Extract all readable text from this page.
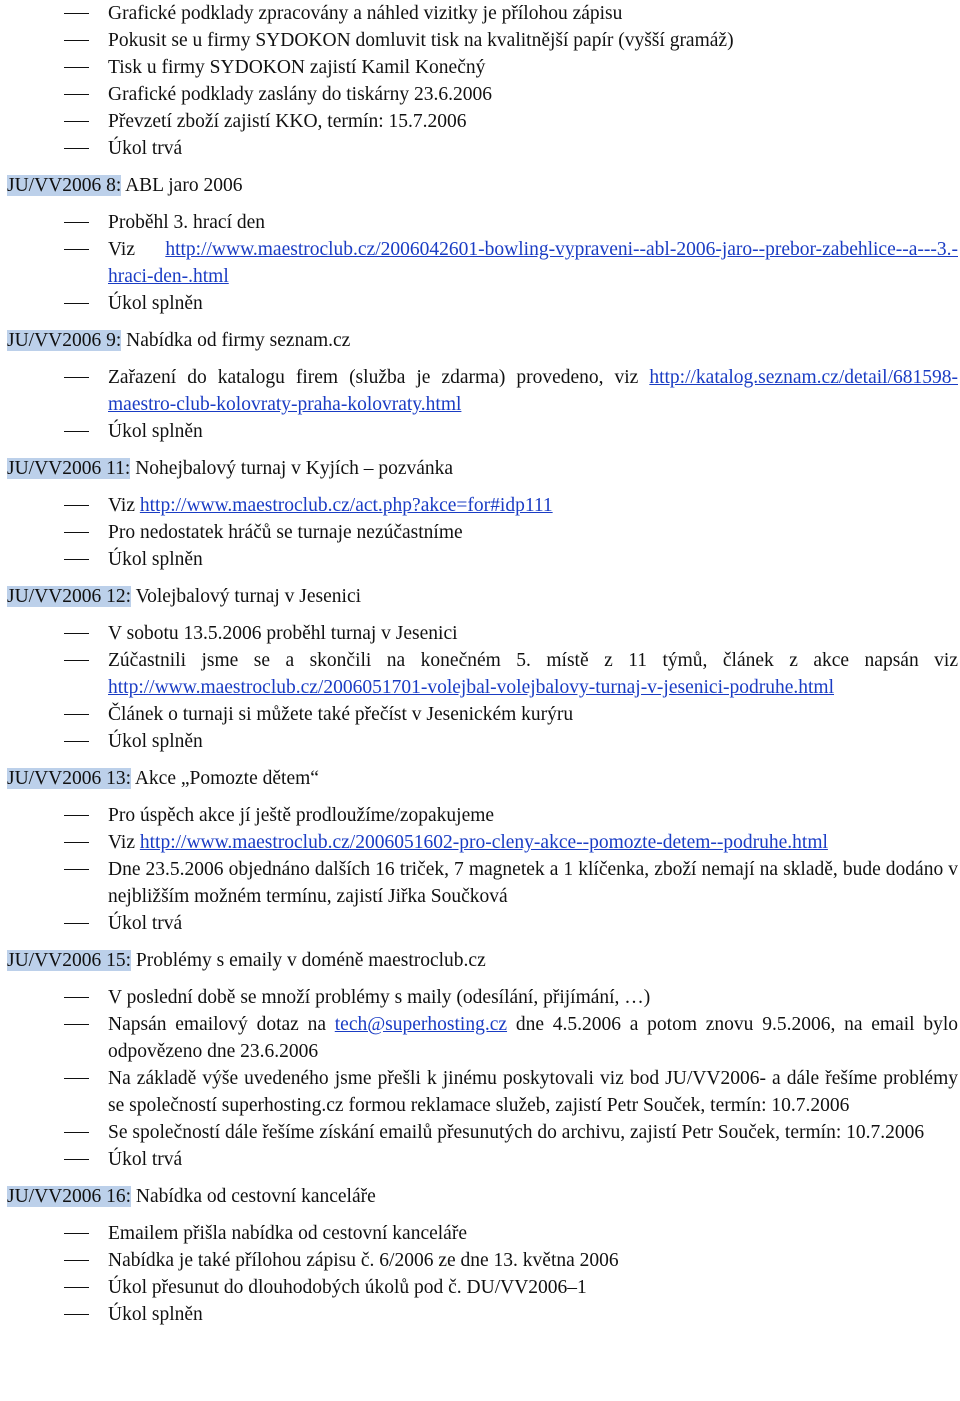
Grafické podklady zpracovány a náhled vizitky je přílohou zápisu
Pokusit se u firmy SYDOKON domluvit tisk na kvalitnější papír (vyšší gramáž)
Tisk u firmy SYDOKON zajistí Kamil Konečný
Grafické podklady zaslány do tiskárny 23.6.2006
Převzetí zboží zajistí KKO, termín: 15.7.2006
Úkol trvá
JU/VV2006 8: ABL jaro 2006
Proběhl 3. hrací den
Viz http://www.maestroclub.cz/2006042601-bowling-vypraveni--abl-2006-jaro--prebor-zabehlice--a---3.-hraci-den-.html
Úkol splněn
JU/VV2006 9: Nabídka od firmy seznam.cz
Zařazení do katalogu firem (služba je zdarma) provedeno, viz http://katalog.seznam.cz/detail/681598-maestro-club-kolovraty-praha-kolovraty.html
Úkol splněn
JU/VV2006 11: Nohejbalový turnaj v Kyjích – pozvánka
Viz http://www.maestroclub.cz/act.php?akce=for#idp111
Pro nedostatek hráčů se turnaje nezúčastníme
Úkol splněn
JU/VV2006 12: Volejbalový turnaj v Jesenici
V sobotu 13.5.2006 proběhl turnaj v Jesenici
Zúčastnili jsme se a skončili na konečném 5. místě z 11 týmů, článek z akce napsán viz http://www.maestroclub.cz/2006051701-volejbal-volejbalovy-turnaj-v-jesenici-podruhe.html
Článek o turnaji si můžete také přečíst v Jesenickém kurýru
Úkol splněn
JU/VV2006 13: Akce „Pomozte dětem“
Pro úspěch akce jí ještě prodloužíme/zopakujeme
Viz http://www.maestroclub.cz/2006051602-pro-cleny-akce--pomozte-detem--podruhe.html
Dne 23.5.2006 objednáno dalších 16 triček, 7 magnetek a 1 klíčenka, zboží nemají na skladě, bude dodáno v nejbližším možném termínu, zajistí Jiřka Součková
Úkol trvá
JU/VV2006 15: Problémy s emaily v doméně maestroclub.cz
V poslední době se množí problémy s maily (odesílání, přijímání, …)
Napsán emailový dotaz na tech@superhosting.cz dne 4.5.2006 a potom znovu 9.5.2006, na email bylo odpovězeno dne 23.6.2006
Na základě výše uvedeného jsme přešli k jinému poskytovali viz bod JU/VV2006- a dále řešíme problémy se společností superhosting.cz formou reklamace služeb, zajistí Petr Souček, termín: 10.7.2006
Se společností dále řešíme získání emailů přesunutých do archivu, zajistí Petr Souček, termín: 10.7.2006
Úkol trvá
JU/VV2006 16: Nabídka od cestovní kanceláře
Emailem přišla nabídka od cestovní kanceláře
Nabídka je také přílohou zápisu č. 6/2006 ze dne 13. května 2006
Úkol přesunut do dlouhodobých úkolů pod č. DU/VV2006–1
Úkol splněn
